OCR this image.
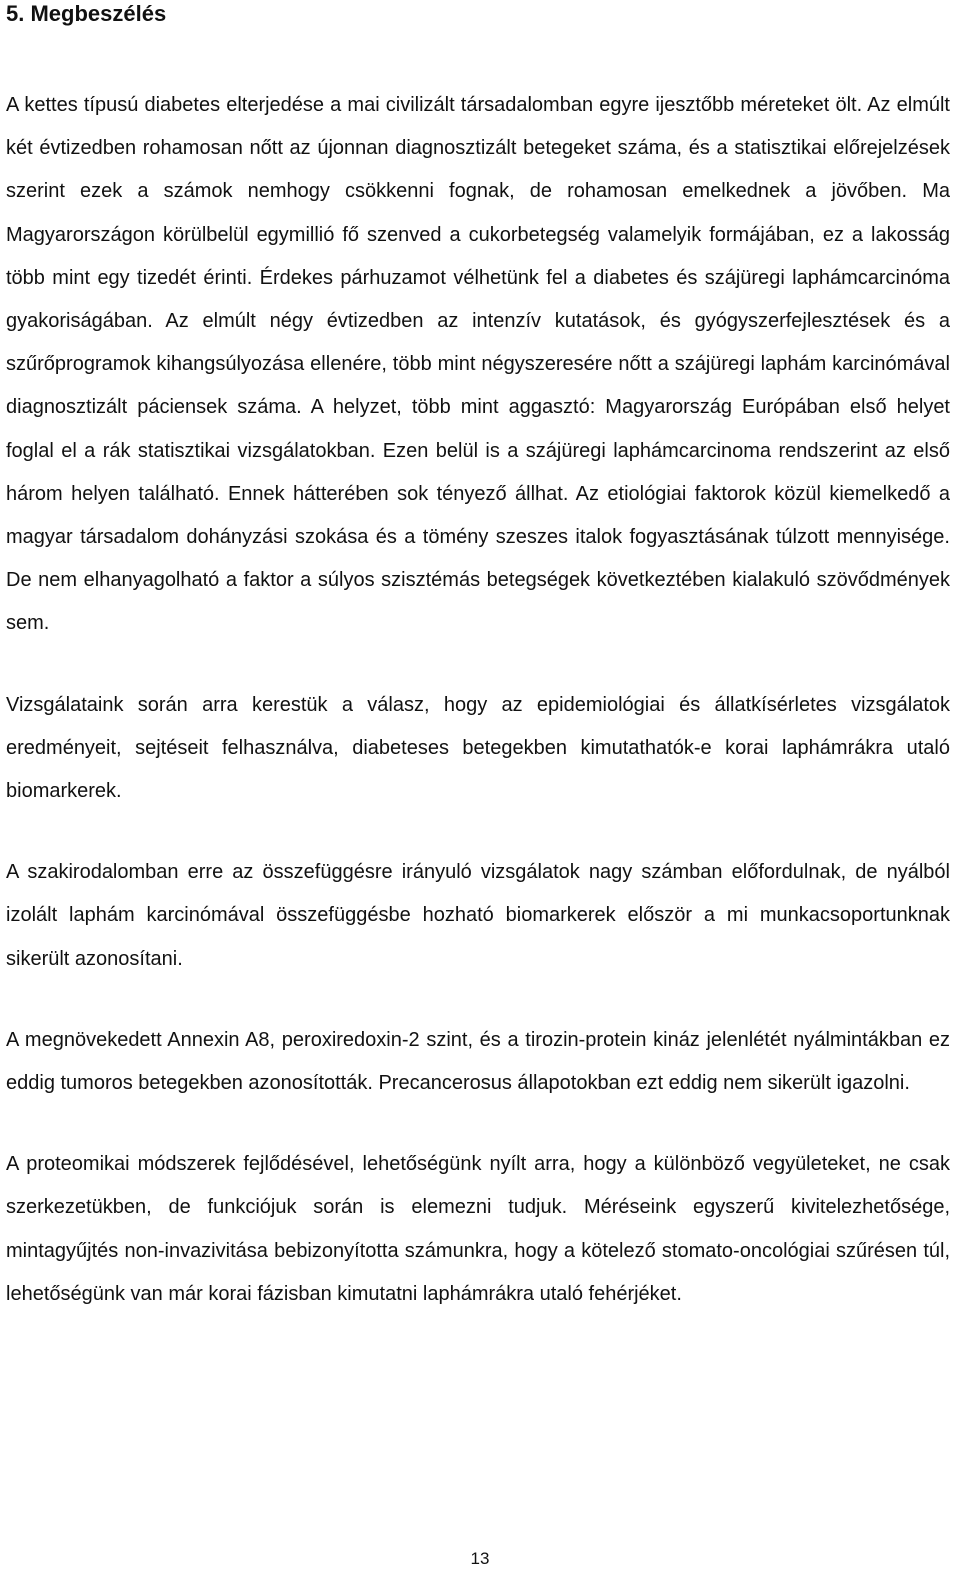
5. Megbeszélés

A kettes típusú diabetes elterjedése a mai civilizált társadalomban egyre ijesztőbb méreteket ölt. Az elmúlt két évtizedben rohamosan nőtt az újonnan diagnosztizált betegeket száma, és a statisztikai előrejelzések szerint ezek a számok nemhogy csökkenni fognak, de rohamosan emelkednek a jövőben. Ma Magyarországon körülbelül egymillió fő szenved a cukorbetegség valamelyik formájában, ez a lakosság több mint egy tizedét érinti. Érdekes párhuzamot vélhetünk fel a diabetes és szájüregi laphámcarcinóma gyakoriságában. Az elmúlt négy évtizedben az intenzív kutatások, és gyógyszerfejlesztések és a szűrőprogramok kihangsúlyozása ellenére, több mint négyszeresére nőtt a szájüregi laphám karcinómával diagnosztizált páciensek száma. A helyzet, több mint aggasztó: Magyarország Európában első helyet foglal el a rák statisztikai vizsgálatokban. Ezen belül is a szájüregi laphámcarcinoma rendszerint az első három helyen található. Ennek hátterében sok tényező állhat. Az etiológiai faktorok közül kiemelkedő a magyar társadalom dohányzási szokása és a tömény szeszes italok fogyasztásának túlzott mennyisége. De nem elhanyagolható a faktor a súlyos szisztémás betegségek következtében kialakuló szövődmények sem.

Vizsgálataink során arra kerestük a válasz, hogy az epidemiológiai és állatkísérletes vizsgálatok eredményeit, sejtéseit felhasználva, diabeteses betegekben kimutathatók-e korai laphámrákra utaló biomarkerek.

A szakirodalomban erre az összefüggésre irányuló vizsgálatok nagy számban előfordulnak, de nyálból izolált laphám karcinómával összefüggésbe hozható biomarkerek először a mi munkacsoportunknak sikerült azonosítani.

A megnövekedett Annexin A8, peroxiredoxin-2 szint, és a tirozin-protein kináz jelenlétét nyálmintákban ez eddig tumoros betegekben azonosították. Precancerosus állapotokban ezt eddig nem sikerült igazolni.

A proteomikai módszerek fejlődésével, lehetőségünk nyílt arra, hogy a különböző vegyületeket, ne csak szerkezetükben, de funkciójuk során is elemezni tudjuk. Méréseink egyszerű kivitelezhetősége, mintagyűjtés non-invazivitása bebizonyította számunkra, hogy a kötelező stomato-oncológiai szűrésen túl, lehetőségünk van már korai fázisban kimutatni laphámrákra utaló fehérjéket.

13
